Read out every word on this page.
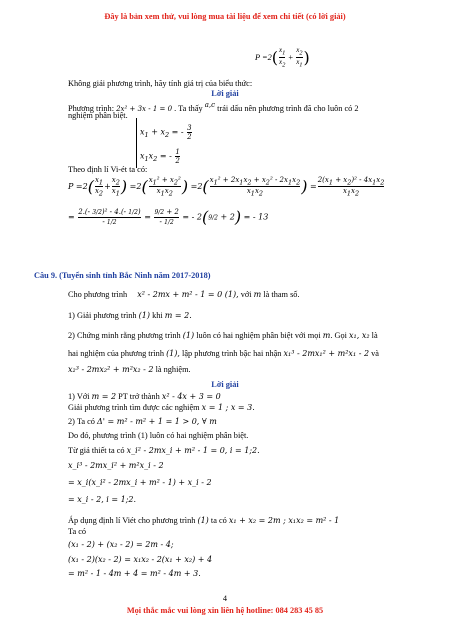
Đây là bản xem thử, vui lòng mua tài liệu để xem chi tiết (có lời giải)
$P =2( \frac{x_1}{x_2} + \frac{x_2}{x_1}$ )
Không giải phương trình, hãy tính giá trị của biểu thức:
Lời giải
Phương trình: 2x² + 3x - 1 = 0 . Ta thấy $^{a,c}$ trái dấu nên phương trình đã cho luôn có 2
nghiệm phân biệt.
$x_1 + x_2$ = - $\frac{3}{2}$
$x_1x_2$ = - $\frac{1}{2}$
Theo định lí Vi-ét ta có:
$P =2( \frac{x_1}{x_2} + \frac{x_2}{x_1}$ ) $=2( \frac{x_1^2 + x_2^2}{x_1x_2}$ ) $=2( \frac{x_1^2 + 2x_1x_2 + x_2^2 - 2x_1x_2}{x_1x_2}$ ) = $\frac{2(x_1 + x_2)^2 - 4x_1x_2}{x_1x_2}$
= $\frac{\text{2.(- 3/2)² - 4.(- 1/2)}}{- 1/2} = \frac{9/2 + 2}{- 1/2}$ = - 2(9/2 + 2) = - 13
Câu 9. (Tuyển sinh tỉnh Bắc Ninh năm 2017-2018)
Cho phương trình x² - 2mx + m² - 1 = 0 (1), với m là tham số.
1) Giải phương trình (1) khi m = 2.
2) Chứng minh rằng phương trình (1) luôn có hai nghiệm phân biệt với mọi m. Gọi x₁, x₂ là
hai nghiệm của phương trình (1), lập phương trình bậc hai nhận x₁³ - 2mx₁² + m²x₁ - 2 và
x₂³ - 2mx₂² + m²x₂ - 2 là nghiệm.
Lời giải
1) Với m = 2 PT trở thành x² - 4x + 3 = 0
Giải phương trình tìm được các nghiệm x = 1 ; x = 3.
2) Ta có Δ' = m² - m² + 1 = 1 > 0, ∀ m
Do đó, phương trình (1) luôn có hai nghiệm phân biệt.
Từ giả thiết ta có x_i² - 2mx_i + m² - 1 = 0, i = 1;2.
x_i³ - 2mx_i² + m²x_i - 2
= x_i(x_i² - 2mx_i + m² - 1) + x_i - 2
= x_i - 2, i = 1;2.
Áp dụng định lí Viét cho phương trình (1) ta có x₁ + x₂ = 2m ; x₁x₂ = m² - 1
Ta có
(x₁ - 2) + (x₂ - 2) = 2m - 4;
(x₁ - 2)(x₂ - 2) = x₁x₂ - 2(x₁ + x₂) + 4
= m² - 1 - 4m + 4 = m² - 4m + 3.
4
Mọi thắc mắc vui lòng xin liên hệ hotline: 084 283 45 85
